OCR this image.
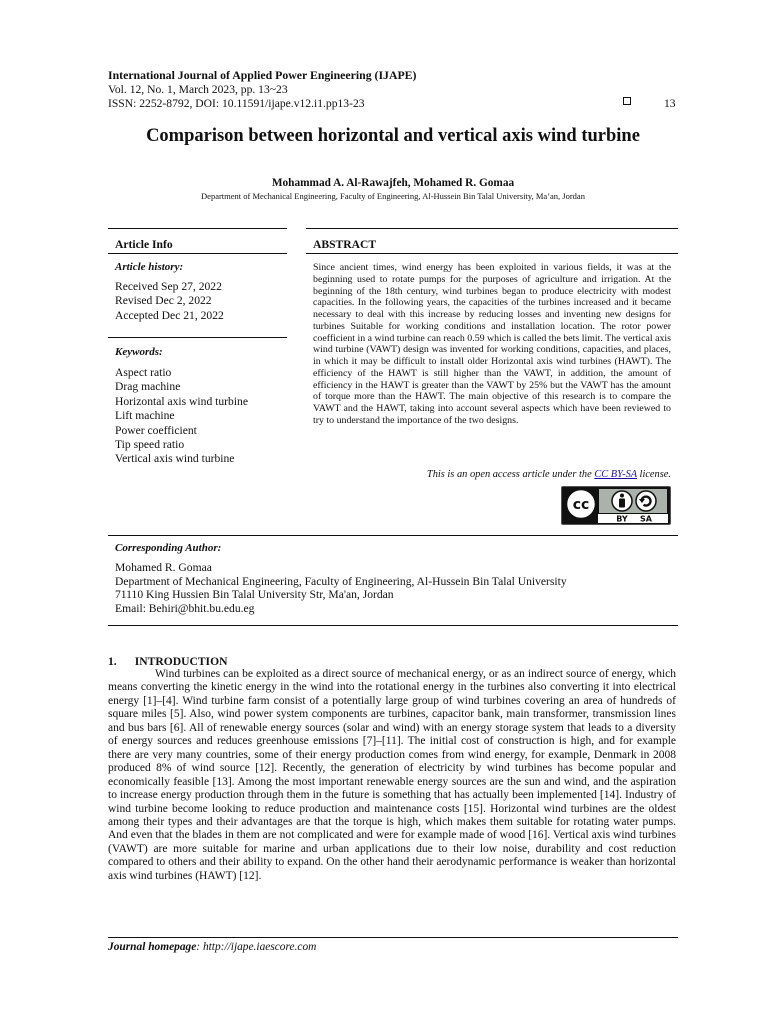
International Journal of Applied Power Engineering (IJAPE)
Vol. 12, No. 1, March 2023, pp. 13~23
ISSN: 2252-8792, DOI: 10.11591/ijape.v12.i1.pp13-23	13
Comparison between horizontal and vertical axis wind turbine
Mohammad A. Al-Rawajfeh, Mohamed R. Gomaa
Department of Mechanical Engineering, Faculty of Engineering, Al-Hussein Bin Talal University, Ma’an, Jordan
Article Info
Article history:
Received Sep 27, 2022
Revised Dec 2, 2022
Accepted Dec 21, 2022
Keywords:
Aspect ratio
Drag machine
Horizontal axis wind turbine
Lift machine
Power coefficient
Tip speed ratio
Vertical axis wind turbine
ABSTRACT
Since ancient times, wind energy has been exploited in various fields, it was at the beginning used to rotate pumps for the purposes of agriculture and irrigation. At the beginning of the 18th century, wind turbines began to produce electricity with modest capacities. In the following years, the capacities of the turbines increased and it became necessary to deal with this increase by reducing losses and inventing new designs for turbines Suitable for working conditions and installation location. The rotor power coefficient in a wind turbine can reach 0.59 which is called the bets limit. The vertical axis wind turbine (VAWT) design was invented for working conditions, capacities, and places, in which it may be difficult to install older Horizontal axis wind turbines (HAWT). The efficiency of the HAWT is still higher than the VAWT, in addition, the amount of efficiency in the HAWT is greater than the VAWT by 25% but the VAWT has the amount of torque more than the HAWT. The main objective of this research is to compare the VAWT and the HAWT, taking into account several aspects which have been reviewed to try to understand the importance of the two designs.
This is an open access article under the CC BY-SA license.
cc
BY SA
Corresponding Author:
Mohamed R. Gomaa
Department of Mechanical Engineering, Faculty of Engineering, Al-Hussein Bin Talal University
71110 King Hussien Bin Talal University Str, Ma'an, Jordan
Email: Behiri@bhit.bu.edu.eg
1. INTRODUCTION
Wind turbines can be exploited as a direct source of mechanical energy, or as an indirect source of energy, which means converting the kinetic energy in the wind into the rotational energy in the turbines also converting it into electrical energy [1]–[4]. Wind turbine farm consist of a potentially large group of wind turbines covering an area of hundreds of square miles [5]. Also, wind power system components are turbines, capacitor bank, main transformer, transmission lines and bus bars [6]. All of renewable energy sources (solar and wind) with an energy storage system that leads to a diversity of energy sources and reduces greenhouse emissions [7]–[11]. The initial cost of construction is high, and for example there are very many countries, some of their energy production comes from wind energy, for example, Denmark in 2008 produced 8% of wind source [12]. Recently, the generation of electricity by wind turbines has become popular and economically feasible [13]. Among the most important renewable energy sources are the sun and wind, and the aspiration to increase energy production through them in the future is something that has actually been implemented [14]. Industry of wind turbine become looking to reduce production and maintenance costs [15]. Horizontal wind turbines are the oldest among their types and their advantages are that the torque is high, which makes them suitable for rotating water pumps. And even that the blades in them are not complicated and were for example made of wood [16]. Vertical axis wind turbines (VAWT) are more suitable for marine and urban applications due to their low noise, durability and cost reduction compared to others and their ability to expand. On the other hand their aerodynamic performance is weaker than horizontal axis wind turbines (HAWT) [12].
Journal homepage: http://ijape.iaescore.com
